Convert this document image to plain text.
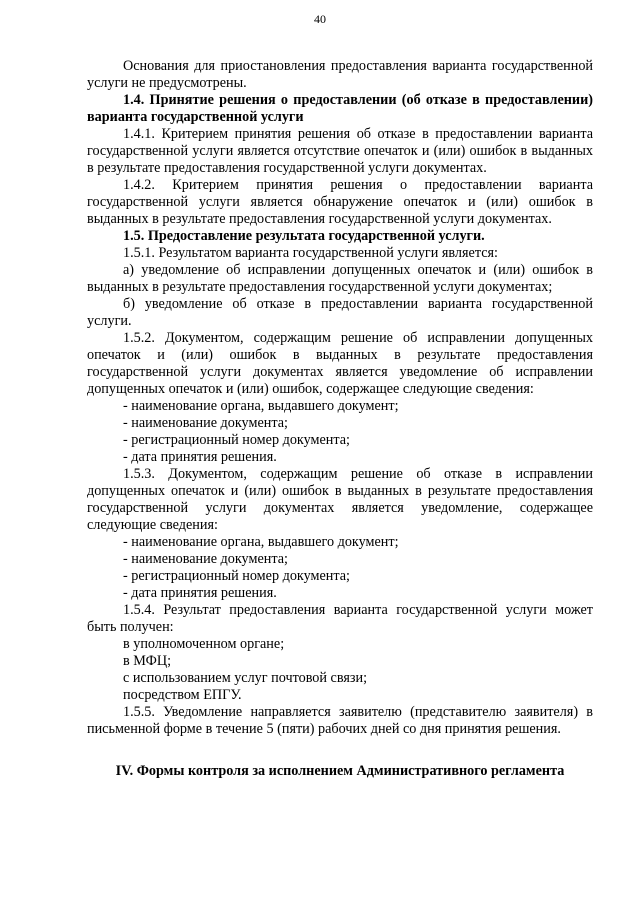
40

Основания для приостановления предоставления варианта государственной услуги не предусмотрены.

1.4. Принятие решения о предоставлении (об отказе в предоставлении) варианта государственной услуги

1.4.1. Критерием принятия решения об отказе в предоставлении варианта государственной услуги является отсутствие опечаток и (или) ошибок в выданных в результате предоставления государственной услуги документах.

1.4.2. Критерием принятия решения о предоставлении варианта государственной услуги является обнаружение опечаток и (или) ошибок в выданных в результате предоставления государственной услуги документах.

1.5. Предоставление результата государственной услуги.

1.5.1. Результатом варианта государственной услуги является:

а) уведомление об исправлении допущенных опечаток и (или) ошибок в выданных в результате предоставления государственной услуги документах;

б) уведомление об отказе в предоставлении варианта государственной услуги.

1.5.2. Документом, содержащим решение об исправлении допущенных опечаток и (или) ошибок в выданных в результате предоставления государственной услуги документах является уведомление об исправлении допущенных опечаток и (или) ошибок, содержащее следующие сведения:

- наименование органа, выдавшего документ;

- наименование документа;

- регистрационный номер документа;

- дата принятия решения.

1.5.3. Документом, содержащим решение об отказе в исправлении допущенных опечаток и (или) ошибок в выданных в результате предоставления государственной услуги документах является уведомление, содержащее следующие сведения:

- наименование органа, выдавшего документ;

- наименование документа;

- регистрационный номер документа;

- дата принятия решения.

1.5.4. Результат предоставления варианта государственной услуги может быть получен:

в уполномоченном органе;

в МФЦ;

с использованием услуг почтовой связи;

посредством ЕПГУ.

1.5.5. Уведомление направляется заявителю (представителю заявителя) в письменной форме в течение 5 (пяти) рабочих дней со дня принятия решения.

IV. Формы контроля за исполнением Административного регламента
